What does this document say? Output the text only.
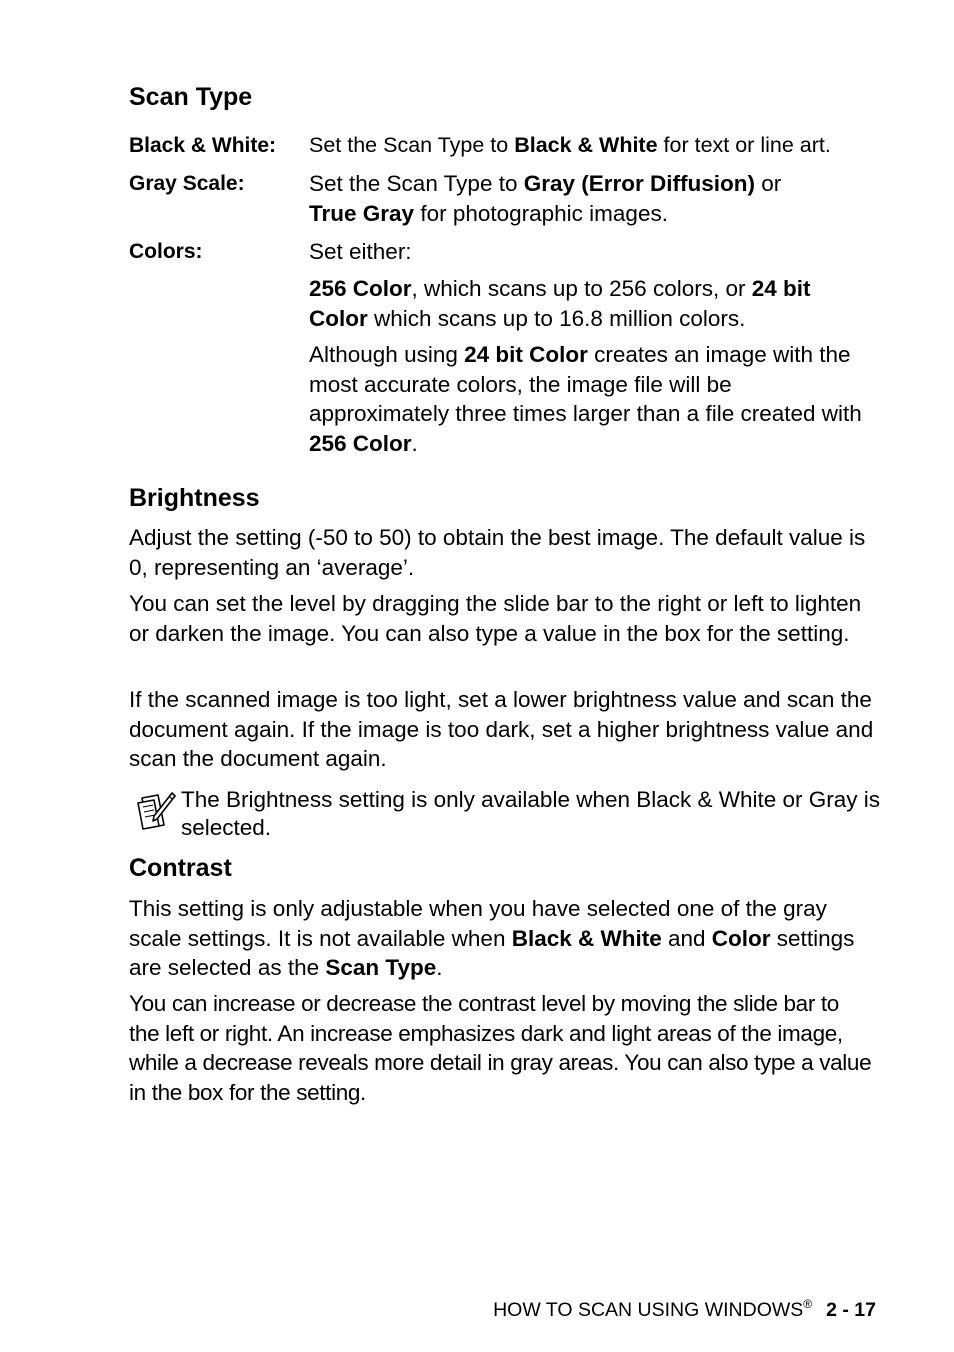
Scan Type
Black & White: Set the Scan Type to Black & White for text or line art.
Gray Scale:	Set the Scan Type to Gray (Error Diffusion) or
True Gray for photographic images.
Colors:	Set either:
256 Color, which scans up to 256 colors, or 24 bit Color which scans up to 16.8 million colors.
Although using 24 bit Color creates an image with the most accurate colors, the image file will be approximately three times larger than a file created with 256 Color.
Brightness

Adjust the setting (-50 to 50) to obtain the best image. The default value is 0, representing an ‘average’.

You can set the level by dragging the slide bar to the right or left to lighten or darken the image. You can also type a value in the box for the setting.

If the scanned image is too light, set a lower brightness value and scan the document again. If the image is too dark, set a higher brightness value and scan the document again.

The Brightness setting is only available when Black & White or Gray is selected.
Contrast

This setting is only adjustable when you have selected one of the gray scale settings. It is not available when Black & White and Color settings are selected as the Scan Type.

You can increase or decrease the contrast level by moving the slide bar to the left or right. An increase emphasizes dark and light areas of the image, while a decrease reveals more detail in gray areas. You can also type a value in the box for the setting.

HOW TO SCAN USING WINDOWS® 2 - 17
